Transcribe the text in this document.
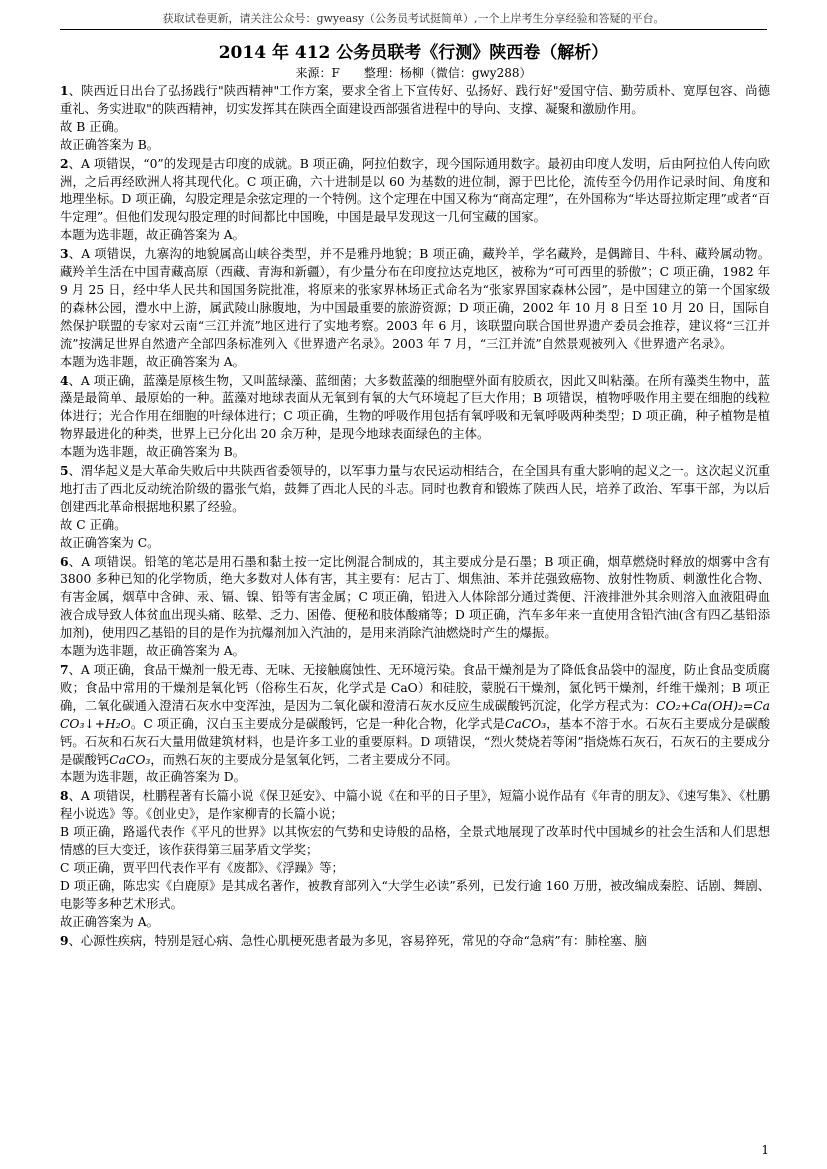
获取试卷更新，请关注公众号：gwyeasy（公务员考试挺简单）,一个上岸考生分享经验和答疑的平台。
2014 年 412 公务员联考《行测》陕西卷（解析）
来源：F　　整理：杨柳（微信：gwy288）

1、陕西近日出台了弘扬践行"陕西精神"工作方案，要求全省上下宣传好、弘扬好、践行好"爱国守信、勤劳质朴、宽厚包容、尚德重礼、务实进取"的陕西精神，切实发挥其在陕西全面建设西部强省进程中的导向、支撑、凝聚和激励作用。

故 B 正确。

故正确答案为 B。

2、A 项错误，“0”的发现是古印度的成就。B 项正确，阿拉伯数字，现今国际通用数字。最初由印度人发明，后由阿拉伯人传向欧洲，之后再经欧洲人将其现代化。C 项正确，六十进制是以 60 为基数的进位制，源于巴比伦，流传至今仍用作记录时间、角度和地理坐标。D 项正确，勾股定理是余弦定理的一个特例。这个定理在中国又称为“商高定理”，在外国称为“毕达哥拉斯定理”或者“百牛定理”。但他们发现勾股定理的时间都比中国晚，中国是最早发现这一几何宝藏的国家。

本题为选非题，故正确答案为 A。

3、A 项错误，九寨沟的地貌属高山峡谷类型，并不是雅丹地貌；B 项正确，藏羚羊，学名藏羚，是偶蹄目、牛科、藏羚属动物。藏羚羊生活在中国青藏高原（西藏、青海和新疆），有少量分布在印度拉达克地区，被称为“可可西里的骄傲”；C 项正确，1982 年 9 月 25 日，经中华人民共和国国务院批准，将原来的张家界林场正式命名为“张家界国家森林公园”，是中国建立的第一个国家级的森林公园，澧水中上游，属武陵山脉腹地，为中国最重要的旅游资源；D 项正确，2002 年 10 月 8 日至 10 月 20 日，国际自然保护联盟的专家对云南“三江并流”地区进行了实地考察。2003 年 6 月，该联盟向联合国世界遗产委员会推荐，建议将“三江并流”按满足世界自然遗产全部四条标准列入《世界遗产名录》。2003 年 7 月，“三江并流”自然景观被列入《世界遗产名录》。

本题为选非题，故正确答案为 A。

4、A 项正确，蓝藻是原核生物，又叫蓝绿藻、蓝细菌；大多数蓝藻的细胞壁外面有胶质衣，因此又叫粘藻。在所有藻类生物中，蓝藻是最简单、最原始的一种。蓝藻对地球表面从无氧到有氧的大气环境起了巨大作用；B 项错误，植物呼吸作用主要在细胞的线粒体进行；光合作用在细胞的叶绿体进行；C 项正确，生物的呼吸作用包括有氧呼吸和无氧呼吸两种类型；D 项正确，种子植物是植物界最进化的种类，世界上已分化出 20 余万种，是现今地球表面绿色的主体。

本题为选非题，故正确答案为 B。

5、渭华起义是大革命失败后中共陕西省委领导的，以军事力量与农民运动相结合，在全国具有重大影响的起义之一。这次起义沉重地打击了西北反动统治阶级的嚣张气焰，鼓舞了西北人民的斗志。同时也教育和锻炼了陕西人民，培养了政治、军事干部，为以后创建西北革命根据地积累了经验。

故 C 正确。

故正确答案为 C。

6、A 项错误。铅笔的笔芯是用石墨和黏土按一定比例混合制成的，其主要成分是石墨；B 项正确，烟草燃烧时释放的烟雾中含有 3800 多种已知的化学物质，绝大多数对人体有害，其主要有：尼古丁、烟焦油、苯并芘强致癌物、放射性物质、刺激性化合物、有害金属，烟草中含砷、汞、镉、镍、铅等有害金属；C 项正确，铅进入人体除部分通过粪便、汗液排泄外其余则溶入血液阻碍血液合成导致人体贫血出现头痛、眩晕、乏力、困倦、便秘和肢体酸痛等；D 项正确，汽车多年来一直使用含铅汽油(含有四乙基铅添加剂)，使用四乙基铅的目的是作为抗爆剂加入汽油的，是用来消除汽油燃烧时产生的爆振。

本题为选非题，故正确答案为 A。

7、A 项正确，食品干燥剂一般无毒、无味、无接触腐蚀性、无环境污染。食品干燥剂是为了降低食品袋中的湿度，防止食品变质腐败；食品中常用的干燥剂是氧化钙（俗称生石灰，化学式是 CaO）和硅胶，蒙脱石干燥剂，氯化钙干燥剂，纤维干燥剂；B 项正确，二氧化碳通入澄清石灰水中变浑浊，是因为二氧化碳和澄清石灰水反应生成碳酸钙沉淀，化学方程式为：CO₂+Ca(OH)₂=CaCO₃↓+H₂O。C 项正确，汉白玉主要成分是碳酸钙，它是一种化合物，化学式是CaCO₃，基本不溶于水。石灰石主要成分是碳酸钙。石灰和石灰石大量用做建筑材料，也是许多工业的重要原料。D 项错误，“烈火焚烧若等闲”指烧炼石灰石，石灰石的主要成分是碳酸钙CaCO₃，而熟石灰的主要成分是氢氧化钙，二者主要成分不同。

本题为选非题，故正确答案为 D。

8、A 项错误，杜鹏程著有长篇小说《保卫延安》、中篇小说《在和平的日子里》，短篇小说作品有《年青的朋友》、《速写集》、《杜鹏程小说选》等。《创业史》，是作家柳青的长篇小说；

B 项正确，路遥代表作《平凡的世界》以其恢宏的气势和史诗般的品格，全景式地展现了改革时代中国城乡的社会生活和人们思想情感的巨大变迁，该作获得第三届茅盾文学奖；

C 项正确，贾平凹代表作平有《废都》、《浮躁》等；

D 项正确，陈忠实《白鹿原》是其成名著作，被教育部列入“大学生必读”系列，已发行逾 160 万册，被改编成秦腔、话剧、舞剧、电影等多种艺术形式。

故正确答案为 A。

9、心源性疾病，特别是冠心病、急性心肌梗死患者最为多见，容易猝死，常见的夺命“急病”有：肺栓塞、脑

1
